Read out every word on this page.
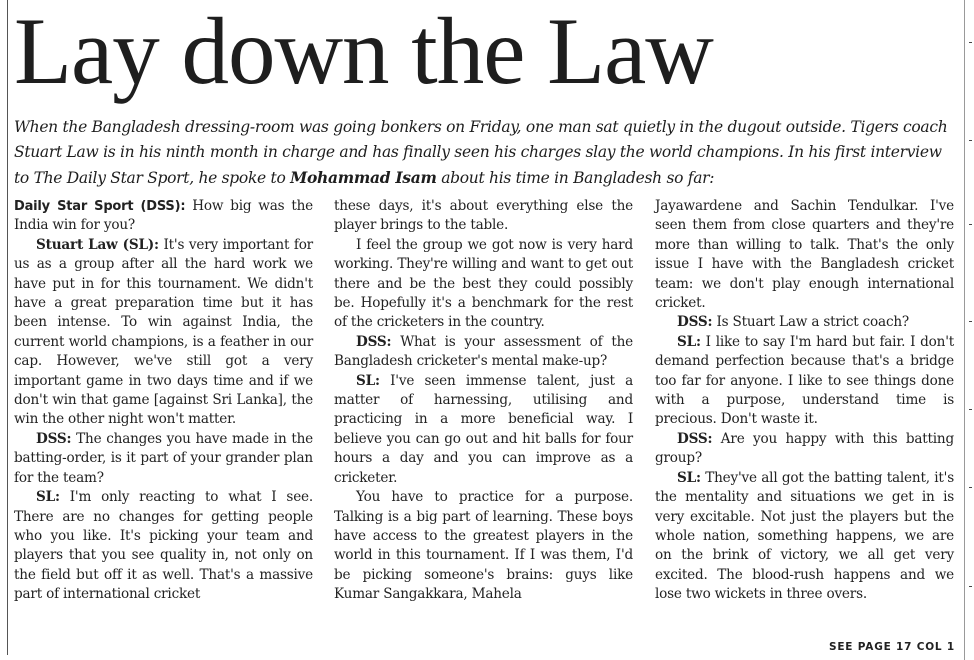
Lay down the Law

When the Bangladesh dressing-room was going bonkers on Friday, one man sat quietly in the dugout outside. Tigers coach Stuart Law is in his ninth month in charge and has finally seen his charges slay the world champions. In his first interview to The Daily Star Sport, he spoke to Mohammad Isam about his time in Bangladesh so far:

Daily Star Sport (DSS): How big was the India win for you?

Stuart Law (SL): It's very important for us as a group after all the hard work we have put in for this tournament. We didn't have a great preparation time but it has been intense. To win against India, the current world champions, is a feather in our cap. However, we've still got a very important game in two days time and if we don't win that game [against Sri Lanka], the win the other night won't matter.

DSS: The changes you have made in the batting-order, is it part of your grander plan for the team?

SL: I'm only reacting to what I see. There are no changes for getting people who you like. It's picking your team and players that you see quality in, not only on the field but off it as well. That's a massive part of international cricket

these days, it's about everything else the player brings to the table.

I feel the group we got now is very hard working. They're willing and want to get out there and be the best they could possibly be. Hopefully it's a benchmark for the rest of the cricketers in the country.

DSS: What is your assessment of the Bangladesh cricketer's mental make-up?

SL: I've seen immense talent, just a matter of harnessing, utilising and practicing in a more beneficial way. I believe you can go out and hit balls for four hours a day and you can improve as a cricketer.

You have to practice for a purpose. Talking is a big part of learning. These boys have access to the greatest players in the world in this tournament. If I was them, I'd be picking someone's brains: guys like Kumar Sangakkara, Mahela

Jayawardene and Sachin Tendulkar. I've seen them from close quarters and they're more than willing to talk. That's the only issue I have with the Bangladesh cricket team: we don't play enough international cricket.

DSS: Is Stuart Law a strict coach?

SL: I like to say I'm hard but fair. I don't demand perfection because that's a bridge too far for anyone. I like to see things done with a purpose, understand time is precious. Don't waste it.

DSS: Are you happy with this batting group?

SL: They've all got the batting talent, it's the mentality and situations we get in is very excitable. Not just the players but the whole nation, something happens, we are on the brink of victory, we all get very excited. The blood-rush happens and we lose two wickets in three overs.

SEE PAGE 17 COL 1
